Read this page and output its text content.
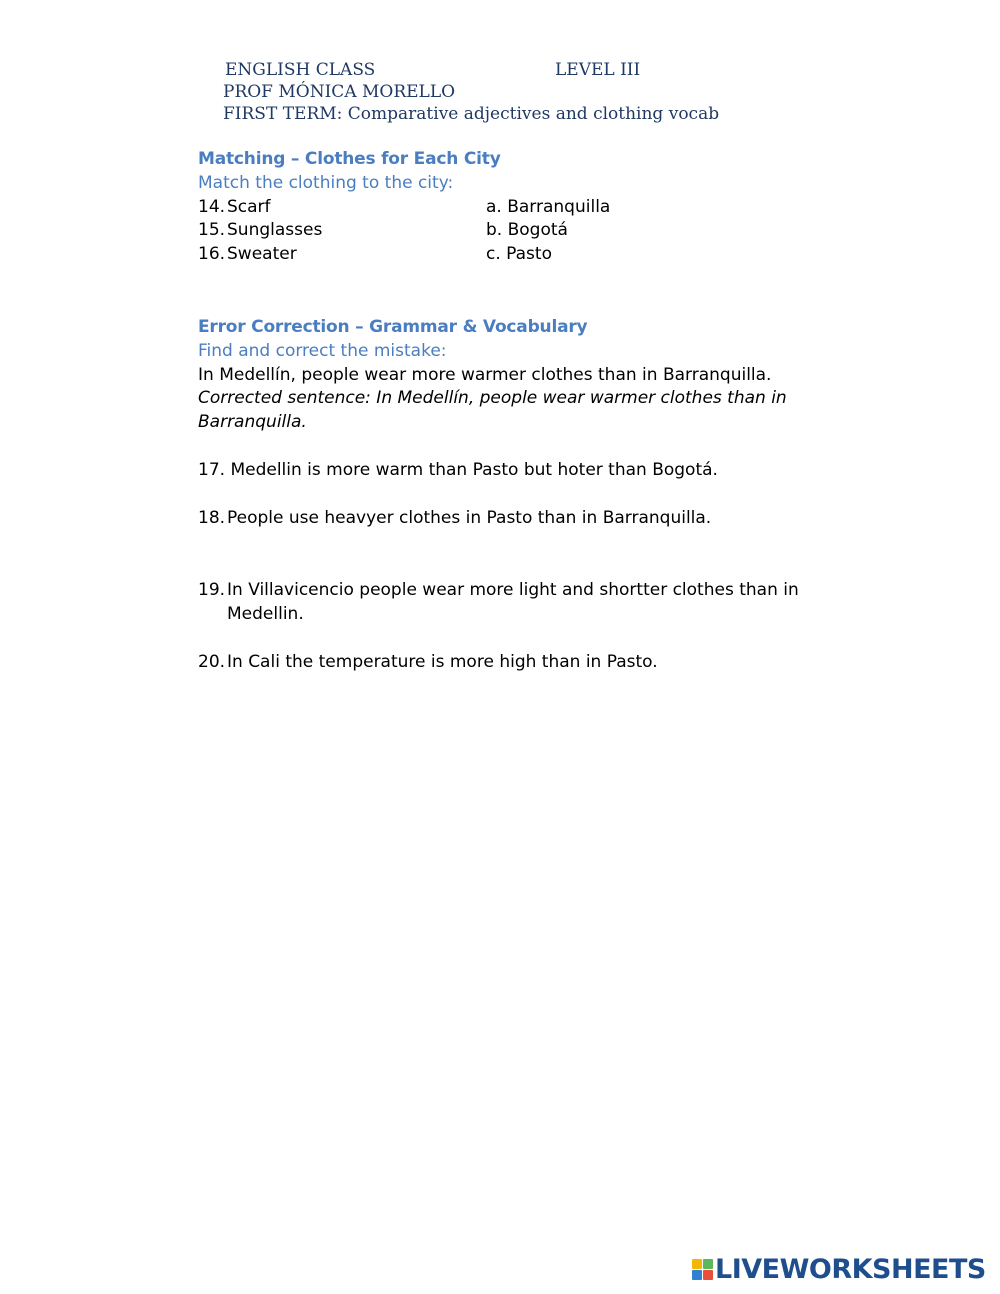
ENGLISH CLASS	LEVEL III
PROF MÓNICA MORELLO
FIRST TERM: Comparative adjectives and clothing vocab
Matching – Clothes for Each City
Match the clothing to the city:
14. Scarf
15. Sunglasses
16. Sweater
a. Barranquilla
b. Bogotá
c. Pasto
Error Correction – Grammar & Vocabulary
Find and correct the mistake:
In Medellín, people wear more warmer clothes than in Barranquilla.
Corrected sentence: In Medellín, people wear warmer clothes than in
Barranquilla.
17. Medellin is more warm than Pasto but hoter than Bogotá.
18. People use heavyer clothes in Pasto than in Barranquilla.
19. In Villavicencio people wear more light and shortter clothes than in
Medellin.
20. In Cali the temperature is more high than in Pasto.
LIVEWORKSHEETS
